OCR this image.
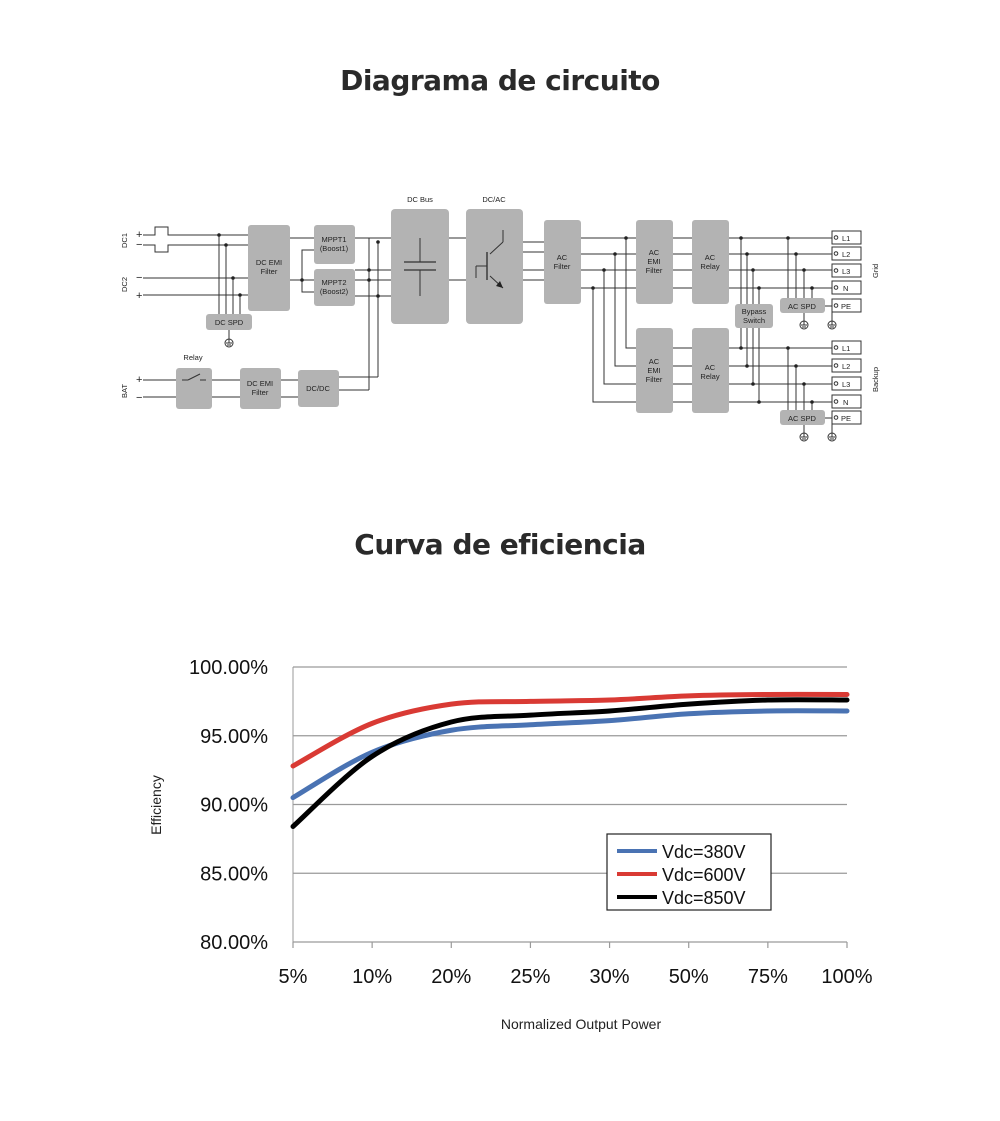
Diagrama de circuito
DC1
DC2
BAT
+
−
−
+
+
−
DC Bus	DC/AC
Relay
Grid
Backup
DC EMI
Filter
MPPT1
(Boost1)
MPPT2
(Boost2)
DC SPD
AC
Filter
AC
EMI
Filter
AC
Relay
AC
EMI
Filter
AC
Relay
Bypass
Switch
AC SPD
AC SPD
DC EMI
Filter	DC/DC
L1
L2
L3
N
PE
L1
L2
L3
N
PE
Curva de eficiencia
80.00%
85.00%
90.00%
95.00%
100.00%
5% 10% 20% 25% 30% 50% 75% 100%
Efficiency
Normalized Output Power
Vdc=380V
Vdc=600V
Vdc=850V
